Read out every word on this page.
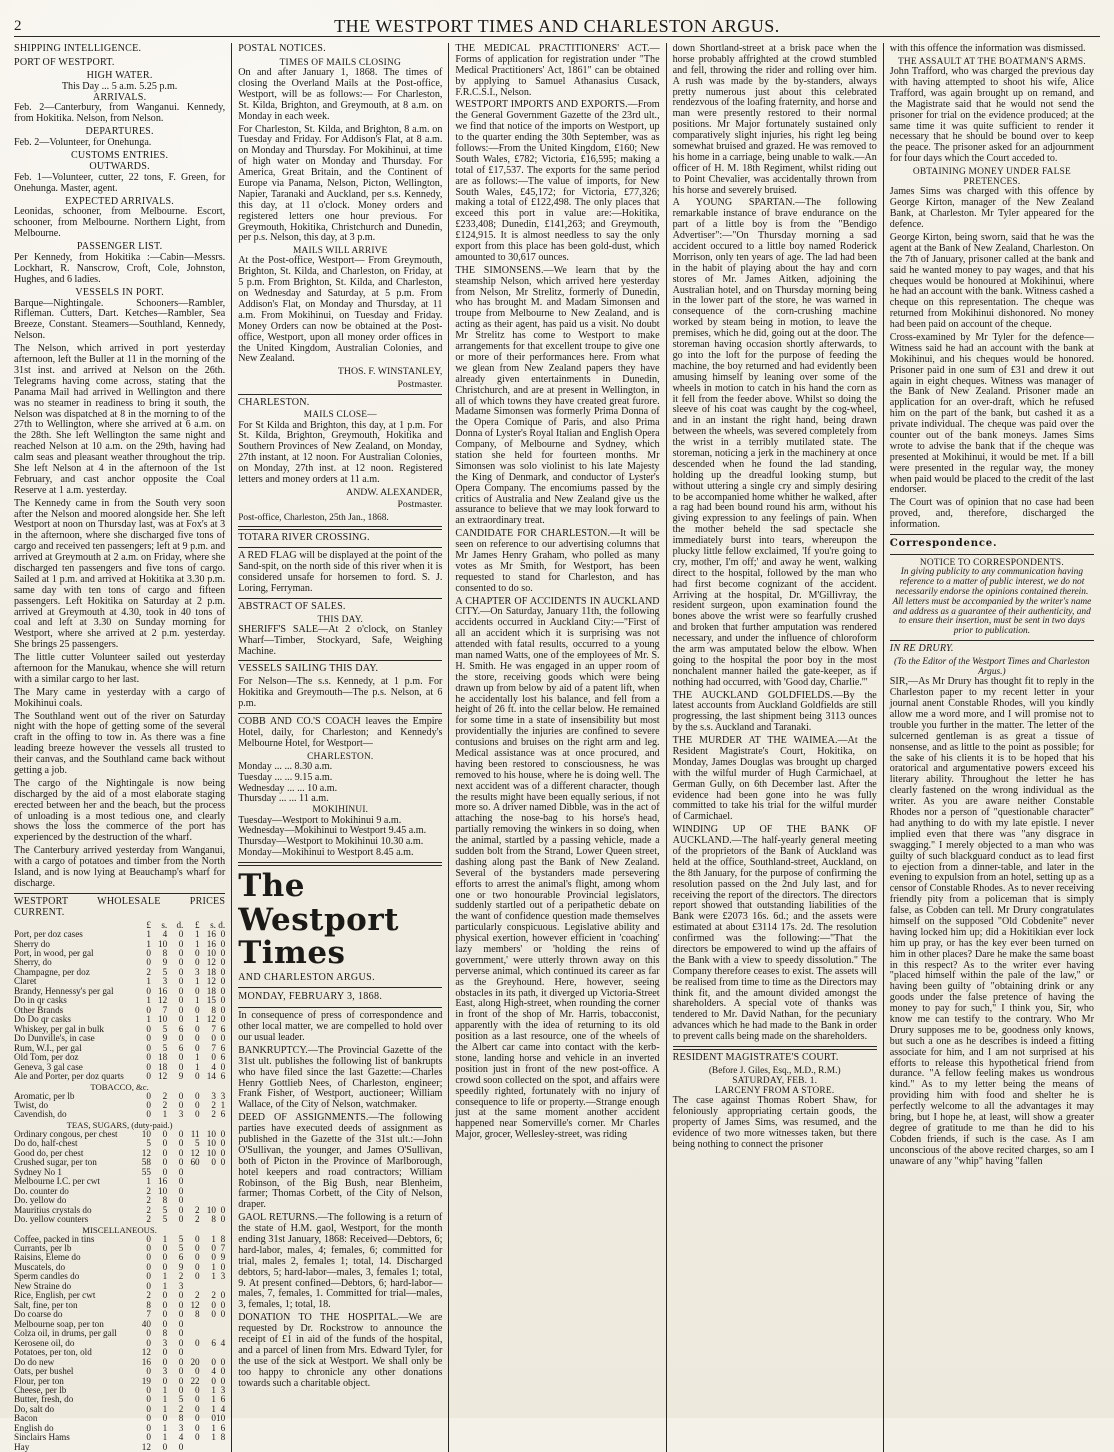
2	THE WESTPORT TIMES AND CHARLESTON ARGUS.
SHIPPING INTELLIGENCE.
PORT OF WESTPORT.
HIGH WATER.
This Day ... 5 a.m. 5.25 p.m.
ARRIVALS.

Feb. 2—Canterbury, from Wanganui. Kennedy, from Hokitika. Nelson, from Nelson.

DEPARTURES.

Feb. 2—Volunteer, for Onehunga.

CUSTOMS ENTRIES.
OUTWARDS.

Feb. 1—Volunteer, cutter, 22 tons, F. Green, for Onehunga. Master, agent.

EXPECTED ARRIVALS.

Leonidas, schooner, from Melbourne. Escort, schooner, from Melbourne. Northern Light, from Melbourne.

PASSENGER LIST.

Per Kennedy, from Hokitika :—Cabin—Messrs. Lockhart, R. Nanscrow, Croft, Cole, Johnston, Hughes, and 6 ladies.

VESSELS IN PORT.

Barque—Nightingale. Schooners—Rambler, Rifleman. Cutters, Dart. Ketches—Rambler, Sea Breeze, Constant. Steamers—Southland, Kennedy, Nelson.

The Nelson, which arrived in port yesterday afternoon, left the Buller at 11 in the morning of the 31st inst. and arrived at Nelson on the 26th. Telegrams having come across, stating that the Panama Mail had arrived in Wellington and there was no steamer in readiness to bring it south, the Nelson was dispatched at 8 in the morning to of the 27th to Wellington, where she arrived at 6 a.m. on the 28th. She left Wellington the same night and reached Nelson at 10 a.m. on the 29th, having had calm seas and pleasant weather throughout the trip. She left Nelson at 4 in the afternoon of the 1st February, and cast anchor opposite the Coal Reserve at 1 a.m. yesterday.

The Kennedy came in from the South very soon after the Nelson and moored alongside her. She left Westport at noon on Thursday last, was at Fox's at 3 in the afternoon, where she discharged five tons of cargo and received ten passengers; left at 9 p.m. and arrived at Greymouth at 2 a.m. on Friday, where she discharged ten passengers and five tons of cargo. Sailed at 1 p.m. and arrived at Hokitika at 3.30 p.m. same day with ten tons of cargo and fifteen passengers. Left Hokitika on Saturday at 2 p.m. arrived at Greymouth at 4.30, took in 40 tons of coal and left at 3.30 on Sunday morning for Westport, where she arrived at 2 p.m. yesterday. She brings 25 passengers.

The little cutter Volunteer sailed out yesterday afternoon for the Manukau, whence she will return with a similar cargo to her last.

The Mary came in yesterday with a cargo of Mokihinui coals.

The Southland went out of the river on Saturday night with the hope of getting some of the several craft in the offing to tow in. As there was a fine leading breeze however the vessels all trusted to their canvas, and the Southland came back without getting a job.

The cargo of the Nightingale is now being discharged by the aid of a most elaborate staging erected between her and the beach, but the process of unloading is a most tedious one, and clearly shows the loss the commerce of the port has experienced by the destruction of the wharf.

The Canterbury arrived yesterday from Wanganui, with a cargo of potatoes and timber from the North Island, and is now lying at Beauchamp's wharf for discharge.

WESTPORT WHOLESALE PRICES CURRENT.
	£	s.	d.	£	s.	d.
Port, per doz cases	1	4	0	1	16	0
Sherry do	1	10	0	1	16	0
Port, in wood, per gal	0	8	0	0	10	0
Sherry, do	0	9	0	0	12	0
Champagne, per doz	2	5	0	3	18	0
Claret	1	3	0	1	12	0
Brandy, Hennessy's per gal	0	16	0	0	18	0
Do in qr casks	1	12	0	1	15	0
Other Brands	0	7	0	0	8	0
Do Do qr casks	1	10	0	1	12	0
Whiskey, per gal in bulk	0	5	6	0	7	6
Do Dunville's, in case	0	9	0	0	0	0
Rum, W.I., per gal	0	5	6	0	7	6
Old Tom, per doz	0	18	0	1	0	6
Geneva, 3 gal case	0	18	0	1	4	0
Ale and Porter, per doz quarts	0	12	9	0	14	6
TOBACCO, &c.						
Aromatic, per lb	0	2	0	0	3	3
Twist, do	0	2	0	0	2	1
Cavendish, do	0	1	3	0	2	6
TEAS, SUGARS, (duty-paid.)						
Ordinary congous, per chest	10	0	0	11	10	0
Do do, half-chest	5	0	0	5	10	0
Good do, per chest	12	0	0	12	10	0
Crushed sugar, per ton	58	0	0	60	0	0
Sydney No 1	55	0	0			
Melbourne I.C. per cwt	1	16	0			
Do. counter do	2	10	0			
Do. yellow do	2	8	0			
Mauritius crystals do	2	5	0	2	10	0
Do. yellow counters	2	5	0	2	8	0
MISCELLANEOUS.						
Coffee, packed in tins	0	1	5	0	1	8
Currants, per lb	0	0	5	0	0	7
Raisins, Eleme do	0	0	6	0	0	9
Muscatels, do	0	0	9	0	1	0
Sperm candles do	0	1	2	0	1	3
New Straine do	0	1	3			
Rice, English, per cwt	2	0	0	2	2	0
Salt, fine, per ton	8	0	0	12	0	0
Do coarse do	7	0	0	8	0	0
Melbourne soap, per ton	40	0	0			
Colza oil, in drums, per gall	0	8	0			
Kerosene oil, do	0	3	0	0	6	4
Potatoes, per ton, old	12	0	0			
Do do new	16	0	0	20	0	0
Oats, per bushel	0	3	0	0	4	0
Flour, per ton	19	0	0	22	0	0
Cheese, per lb	0	1	0	0	1	3
Butter, fresh, do	0	1	5	0	1	6
Do, salt do	0	1	2	0	1	4
Bacon	0	0	8	0	0	10
English do	0	1	3	0	1	6
Sinclairs Hams	0	1	4	0	1	8
Hay	12	0	0			
POSTAL NOTICES.
TIMES OF MAILS CLOSING

On and after January 1, 1868. The times of closing the Overland Mails at the Post-office, Westport, will be as follows:— For Charleston, St. Kilda, Brighton, and Greymouth, at 8 a.m. on Monday in each week.

For Charleston, St. Kilda, and Brighton, 8 a.m. on Tuesday and Friday. For Addison's Flat, at 8 a.m. on Monday and Thursday. For Mokihinui, at time of high water on Monday and Thursday. For America, Great Britain, and the Continent of Europe via Panama, Nelson, Picton, Wellington, Napier, Taranaki and Auckland, per s.s. Kennedy, this day, at 11 o'clock. Money orders and registered letters one hour previous. For Greymouth, Hokitika, Christchurch and Dunedin, per p.s. Nelson, this day, at 3 p.m.

MAILS WILL ARRIVE

At the Post-office, Westport— From Greymouth, Brighton, St. Kilda, and Charleston, on Friday, at 5 p.m. From Brighton, St. Kilda, and Charleston, on Wednesday and Saturday, at 5 p.m. From Addison's Flat, on Monday and Thursday, at 11 a.m. From Mokihinui, on Tuesday and Friday. Money Orders can now be obtained at the Post-office, Westport, upon all money order offices in the United Kingdom, Australian Colonies, and New Zealand.

THOS. F. WINSTANLEY,
Postmaster.
CHARLESTON.
MAILS CLOSE—

For St Kilda and Brighton, this day, at 1 p.m. For St. Kilda, Brighton, Greymouth, Hokitika and Southern Provinces of New Zealand, on Monday, 27th instant, at 12 noon. For Australian Colonies, on Monday, 27th inst. at 12 noon. Registered letters and money orders at 11 a.m.

ANDW. ALEXANDER,
Postmaster.

Post-office, Charleston, 25th Jan., 1868.

TOTARA RIVER CROSSING.

A RED FLAG will be displayed at the point of the Sand-spit, on the north side of this river when it is considered unsafe for horsemen to ford. S. J. Loring, Ferryman.

ABSTRACT OF SALES.
THIS DAY.

SHERIFF'S SALE—At 2 o'clock, on Stanley Wharf—Timber, Stockyard, Safe, Weighing Machine.

VESSELS SAILING THIS DAY.

For Nelson—The s.s. Kennedy, at 1 p.m. For Hokitika and Greymouth—The p.s. Nelson, at 6 p.m.

COBB AND CO.'S COACH leaves the Empire Hotel, daily, for Charleston; and Kennedy's Melbourne Hotel, for Westport—

CHARLESTON.
Monday ... ... 8.30 a.m.
Tuesday ... ... 9.15 a.m.
Wednesday ... ... 10 a.m.
Thursday ... ... 11 a.m.
MOKIHINUI.
Tuesday—Westport to Mokihinui 9 a.m.
Wednesday—Mokihinui to Westport 9.45 a.m.
Thursday—Westport to Mokihinui 10.30 a.m.
Monday—Mokihinui to Westport 8.45 a.m.
The Westport Times
AND CHARLESTON ARGUS.
MONDAY, FEBRUARY 3, 1868.

In consequence of press of correspondence and other local matter, we are compelled to hold over our usual leader.

BANKRUPTCY.—The Provincial Gazette of the 31st ult. publishes the following list of bankrupts who have filed since the last Gazette:—Charles Henry Gottlieb Nees, of Charleston, engineer; Frank Fisher, of Westport, auctioneer; William Wallace, of the City of Nelson, watchmaker.

DEED OF ASSIGNMENTS.—The following parties have executed deeds of assignment as published in the Gazette of the 31st ult.:—John O'Sullivan, the younger, and James O'Sullivan, both of Picton in the Province of Marlborough, hotel keepers and road contractors; William Robinson, of the Big Bush, near Blenheim, farmer; Thomas Corbett, of the City of Nelson, draper.

GAOL RETURNS.—The following is a return of the state of H.M. gaol, Westport, for the month ending 31st January, 1868: Received—Debtors, 6; hard-labor, males, 4; females, 6; committed for trial, males 2, females 1; total, 14. Discharged debtors, 5; hard-labor—males, 3, females 1; total, 9. At present confined—Debtors, 6; hard-labor—males, 7, females, 1. Committed for trial—males, 3, females, 1; total, 18.

DONATION TO THE HOSPITAL.—We are requested by Dr. Rockstrow to announce the receipt of £1 in aid of the funds of the hospital, and a parcel of linen from Mrs. Edward Tyler, for the use of the sick at Westport. We shall only be too happy to chronicle any other donations towards such a charitable object.

THE MEDICAL PRACTITIONERS' ACT.—Forms of application for registration under "The Medical Practitioners' Act, 1861" can be obtained by applying to Samuel Athanasius Cusack, F.R.C.S.I., Nelson.

WESTPORT IMPORTS AND EXPORTS.—From the General Government Gazette of the 23rd ult., we find that notice of the imports on Westport, up to the quarter ending the 30th September, was as follows:—From the United Kingdom, £160; New South Wales, £782; Victoria, £16,595; making a total of £17,537. The exports for the same period are as follows:—The value of imports, for New South Wales, £45,172; for Victoria, £77,326; making a total of £122,498. The only places that exceed this port in value are:—Hokitika, £233,408; Dunedin, £141,263; and Greymouth, £124,915. It is almost needless to say the only export from this place has been gold-dust, which amounted to 30,617 ounces.

THE SIMONSENS.—We learn that by the steamship Nelson, which arrived here yesterday from Nelson, Mr Strelitz, formerly of Dunedin, who has brought M. and Madam Simonsen and troupe from Melbourne to New Zealand, and is acting as their agent, has paid us a visit. No doubt Mr Strelitz has come to Westport to make arrangements for that excellent troupe to give one or more of their performances here. From what we glean from New Zealand papers they have already given entertainments in Dunedin, Christchurch, and are at present in Wellington, in all of which towns they have created great furore. Madame Simonsen was formerly Prima Donna of the Opera Comique of Paris, and also Prima Donna of Lyster's Royal Italian and English Opera Company, of Melbourne and Sydney, which station she held for fourteen months. Mr Simonsen was solo violinist to his late Majesty the King of Denmark, and conductor of Lyster's Opera Company. The encomiums passed by the critics of Australia and New Zealand give us the assurance to believe that we may look forward to an extraordinary treat.

CANDIDATE FOR CHARLESTON.—It will be seen on reference to our advertising columns that Mr James Henry Graham, who polled as many votes as Mr Smith, for Westport, has been requested to stand for Charleston, and has consented to do so.

A CHAPTER OF ACCIDENTS IN AUCKLAND CITY.—On Saturday, January 11th, the following accidents occurred in Auckland City:—"First of all an accident which it is surprising was not attended with fatal results, occurred to a young man named Watts, one of the employees of Mr. S. H. Smith. He was engaged in an upper room of the store, receiving goods which were being drawn up from below by aid of a patent lift, when he accidentally lost his balance, and fell from a height of 26 ft. into the cellar below. He remained for some time in a state of insensibility but most providentially the injuries are confined to severe contusions and bruises on the right arm and leg. Medical assistance was at once procured, and having been restored to consciousness, he was removed to his house, where he is doing well. The next accident was of a different character, though the results might have been equally serious, if not more so. A driver named Dibble, was in the act of attaching the nose-bag to his horse's head, partially removing the winkers in so doing, when the animal, startled by a passing vehicle, made a sudden bolt from the Strand, Lower Queen street, dashing along past the Bank of New Zealand. Several of the bystanders made persevering efforts to arrest the animal's flight, among whom one or two honourable Provincial legislators, suddenly startled out of a peripathetic debate on the want of confidence question made themselves particularly conspicuous. Legislative ability and physical exertion, however efficient in 'coaching' lazy members' or 'holding the reins of government,' were utterly thrown away on this perverse animal, which continued its career as far as the Greyhound. Here, however, seeing obstacles in its path, it diverged up Victoria-Street East, along High-street, when rounding the corner in front of the shop of Mr. Harris, tobacconist, apparently with the idea of returning to its old position as a last resource, one of the wheels of the Albert car came into contact with the kerb-stone, landing horse and vehicle in an inverted position just in front of the new post-office. A crowd soon collected on the spot, and affairs were speedily righted, fortunately with no injury of consequence to life or property.—Strange enough just at the same moment another accident happened near Somerville's corner. Mr Charles Major, grocer, Wellesley-street, was riding

down Shortland-street at a brisk pace when the horse probably affrighted at the crowd stumbled and fell, throwing the rider and rolling over him. A rush was made by the by-standers, always pretty numerous just about this celebrated rendezvous of the loafing fraternity, and horse and man were presently restored to their normal positions. Mr Major fortunately sustained only comparatively slight injuries, his right leg being somewhat bruised and grazed. He was removed to his home in a carriage, being unable to walk.—An officer of H. M. 18th Regiment, whilst riding out to Point Chevalier, was accidentally thrown from his horse and severely bruised.

A YOUNG SPARTAN.—The following remarkable instance of brave endurance on the part of a little boy is from the "Bendigo Advertiser":—"On Thursday morning a sad accident occured to a little boy named Roderick Morrison, only ten years of age. The lad had been in the habit of playing about the hay and corn stores of Mr. James Aitken, adjoining the Australian hotel, and on Thursday morning being in the lower part of the store, he was warned in consequence of the corn-crushing machine worked by steam being in motion, to leave the premises, which he did, going out at the door. The storeman having occasion shortly afterwards, to go into the loft for the purpose of feeding the machine, the boy returned and had evidently been amusing himself by leaning over some of the wheels in motion to catch in his hand the corn as it fell from the feeder above. Whilst so doing the sleeve of his coat was caught by the cog-wheel, and in an instant the right hand, being drawn between the wheels, was severed completely from the wrist in a terribly mutilated state. The storeman, noticing a jerk in the machinery at once descended when he found the lad standing, holding up the dreadful looking stump, but without uttering a single cry and simply desiring to be accompanied home whither he walked, after a rag had been bound round his arm, without his giving expression to any feelings of pain. When the mother beheld the sad spectacle she immediately burst into tears, whereupon the plucky little fellow exclaimed, 'If you're going to cry, mother, I'm off;' and away he went, walking direct to the hospital, followed by the man who had first become cognizant of the accident. Arriving at the hospital, Dr. M'Gillivray, the resident surgeon, upon examination found the bones above the wrist were so fearfully crushed and broken that further amputation was rendered necessary, and under the influence of chloroform the arm was amputated below the elbow. When going to the hospital the poor boy in the most nonchalent manner hailed the gate-keeper, as if nothing had occurred, with 'Good day, Charlie.'"

THE AUCKLAND GOLDFIELDS.—By the latest accounts from Auckland Goldfields are still progressing, the last shipment being 3113 ounces by the s.s. Auckland and Taranaki.

THE MURDER AT THE WAIMEA.—At the Resident Magistrate's Court, Hokitika, on Monday, James Douglas was brought up charged with the wilful murder of Hugh Carmichael, at German Gully, on 6th December last. After the evidence had been gone into he was fully committed to take his trial for the wilful murder of Carmichael.

WINDING UP OF THE BANK OF AUCKLAND.—The half-yearly general meeting of the proprietors of the Bank of Auckland was held at the office, Southland-street, Auckland, on the 8th January, for the purpose of confirming the resolution passed on the 2nd July last, and for receiving the report of the directors. The directors report showed that outstanding liabilities of the Bank were £2073 16s. 6d.; and the assets were estimated at about £3114 17s. 2d. The resolution confirmed was the following:—"That the directors be empowered to wind up the affairs of the Bank with a view to speedy dissolution." The Company therefore ceases to exist. The assets will be realised from time to time as the Directors may think fit, and the amount divided amongst the shareholders. A special vote of thanks was tendered to Mr. David Nathan, for the pecuniary advances which he had made to the Bank in order to prevent calls being made on the shareholders.

RESIDENT MAGISTRATE'S COURT.
(Before J. Giles, Esq., M.D., R.M.)
SATURDAY, FEB. 1.
LARCENY FROM A STORE.

The case against Thomas Robert Shaw, for feloniously appropriating certain goods, the property of James Sims, was resumed, and the evidence of two more witnesses taken, but there being nothing to connect the prisoner

with this offence the information was dismissed.

THE ASSAULT AT THE BOATMAN'S ARMS.

John Trafford, who was charged the previous day with having attempted to shoot his wife, Alice Trafford, was again brought up on remand, and the Magistrate said that he would not send the prisoner for trial on the evidence produced; at the same time it was quite sufficient to render it necessary that he should be bound over to keep the peace. The prisoner asked for an adjournment for four days which the Court acceded to.

OBTAINING MONEY UNDER FALSE PRETENCES.

James Sims was charged with this offence by George Kirton, manager of the New Zealand Bank, at Charleston. Mr Tyler appeared for the defence.

George Kirton, being sworn, said that he was the agent at the Bank of New Zealand, Charleston. On the 7th of January, prisoner called at the bank and said he wanted money to pay wages, and that his cheques would be honoured at Mokihinui, where he had an account with the bank. Witness cashed a cheque on this representation. The cheque was returned from Mokihinui dishonored. No money had been paid on account of the cheque.

Cross-examined by Mr Tyler for the defence—Witness said he had an account with the bank at Mokihinui, and his cheques would be honored. Prisoner paid in one sum of £31 and drew it out again in eight cheques. Witness was manager of the Bank of New Zealand. Prisoner made an application for an over-draft, which he refused him on the part of the bank, but cashed it as a private individual. The cheque was paid over the counter out of the bank moneys. James Sims wrote to advise the bank that if the cheque was presented at Mokihinui, it would be met. If a bill were presented in the regular way, the money when paid would be placed to the credit of the last endorser.

The Court was of opinion that no case had been proved, and, therefore, discharged the information.

Correspondence.
NOTICE TO CORRESPONDENTS.

In giving publicity to any communication having reference to a matter of public interest, we do not necessarily endorse the opinions contained therein. All letters must be accompanied by the writer's name and address as a guarantee of their authenticity, and to ensure their insertion, must be sent in two days prior to publication.

IN RE DRURY.
(To the Editor of the Westport Times and Charleston Argus.)

SIR,—As Mr Drury has thought fit to reply in the Charleston paper to my recent letter in your journal anent Constable Rhodes, will you kindly allow me a word more, and I will promise not to trouble you further in the matter. The letter of the sulcerned gentleman is as great a tissue of nonsense, and as little to the point as possible; for the sake of his clients it is to be hoped that his oratorical and argumentative powers exceed his literary ability. Throughout the letter he has clearly fastened on the wrong individual as the writer. As you are aware neither Constable Rhodes nor a person of "questionable character" had anything to do with my late epistle. I never implied even that there was "any disgrace in swagging." I merely objected to a man who was guilty of such blackguard conduct as to lead first to ejection from a dinner-table, and later in the evening to expulsion from an hotel, setting up as a censor of Constable Rhodes. As to never receiving friendly pity from a policeman that is simply false, as Cobden can tell. Mr Drury congratulates himself on the supposed "Old Cobdenite" never having locked him up; did a Hokitikian ever lock him up pray, or has the key ever been turned on him in other places? Dare he make the same boast in this respect? As to the writer ever having "placed himself within the pale of the law," or having been guilty of "obtaining drink or any goods under the false pretence of having the money to pay for such," I think you, Sir, who know me can testify to the contrary. Who Mr Drury supposes me to be, goodness only knows, but such a one as he describes is indeed a fitting associate for him, and I am not surprised at his efforts to release this hypothetical friend from durance. "A fellow feeling makes us wondrous kind." As to my letter being the means of providing him with food and shelter he is perfectly welcome to all the advantages it may bring, but I hope he, at least, will show a greater degree of gratitude to me than he did to his Cobden friends, if such is the case. As I am unconscious of the above recited charges, so am I unaware of any "whip" having "fallen
